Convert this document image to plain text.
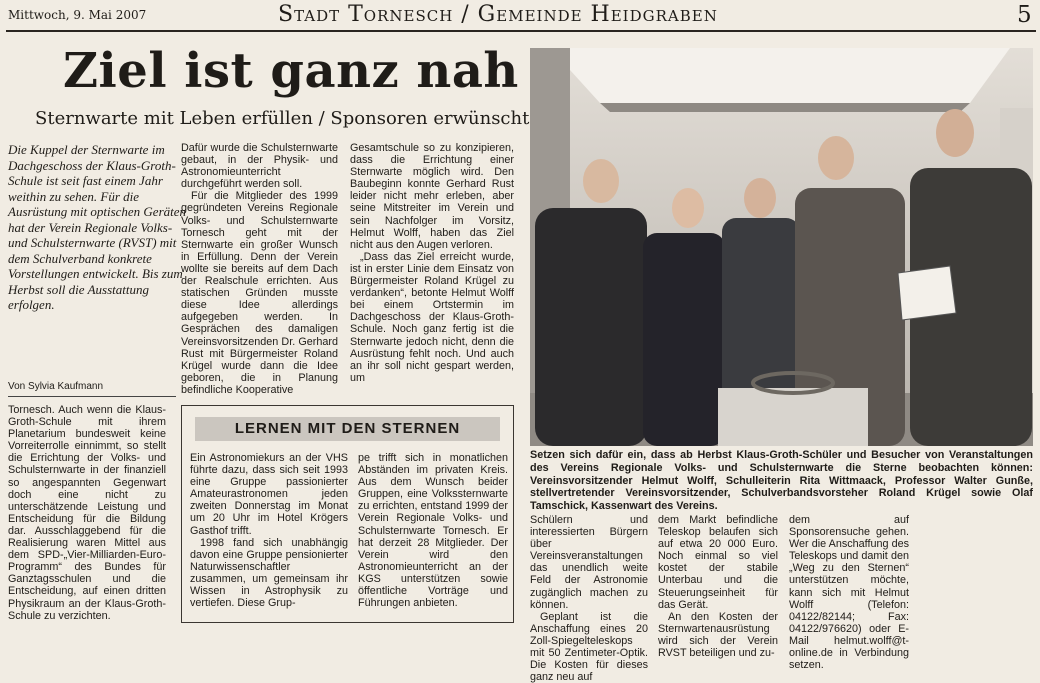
Mittwoch, 9. Mai 2007	Stadt Tornesch / Gemeinde Heidgraben	5
Ziel ist ganz nah
Sternwarte mit Leben erfüllen / Sponsoren erwünscht
Die Kuppel der Sternwarte im Dachgeschoss der Klaus-Groth-Schule ist seit fast einem Jahr weithin zu sehen. Für die Ausrüstung mit optischen Geräten hat der Verein Regionale Volks- und Schulsternwarte (RVST) mit dem Schulverband konkrete Vorstellungen entwickelt. Bis zum Herbst soll die Ausstattung erfolgen.
Von Sylvia Kaufmann

Tornesch. Auch wenn die Klaus-Groth-Schule mit ihrem Planetarium bundesweit keine Vorreiterrolle einnimmt, so stellt die Errichtung der Volks- und Schulsternwarte in der finanziell so angespannten Gegenwart doch eine nicht zu unterschätzende Leistung und Entscheidung für die Bildung dar. Ausschlaggebend für die Realisierung waren Mittel aus dem SPD-„Vier-Milliarden-Euro-Programm“ des Bundes für Ganztagsschulen und die Entscheidung, auf einen dritten Physikraum an der Klaus-Groth-Schule zu verzichten.

Dafür wurde die Schulsternwarte gebaut, in der Physik- und Astronomieunterricht durchgeführt werden soll.

Für die Mitglieder des 1999 gegründeten Vereins Regionale Volks- und Schulsternwarte Tornesch geht mit der Sternwarte ein großer Wunsch in Erfüllung. Denn der Verein wollte sie bereits auf dem Dach der Realschule errichten. Aus statischen Gründen musste diese Idee allerdings aufgegeben werden. In Gesprächen des damaligen Vereinsvorsitzenden Dr. Gerhard Rust mit Bürgermeister Roland Krügel wurde dann die Idee geboren, die in Planung befindliche Kooperative

Gesamtschule so zu konzipieren, dass die Errichtung einer Sternwarte möglich wird. Den Baubeginn konnte Gerhard Rust leider nicht mehr erleben, aber seine Mitstreiter im Verein und sein Nachfolger im Vorsitz, Helmut Wolff, haben das Ziel nicht aus den Augen verloren.

„Dass das Ziel erreicht wurde, ist in erster Linie dem Einsatz von Bürgermeister Roland Krügel zu verdanken“, betonte Helmut Wolff bei einem Ortstermin im Dachgeschoss der Klaus-Groth-Schule. Noch ganz fertig ist die Sternwarte jedoch nicht, denn die Ausrüstung fehlt noch. Und auch an ihr soll nicht gespart werden, um

LERNEN MIT DEN STERNEN

Ein Astronomiekurs an der VHS führte dazu, dass sich seit 1993 eine Gruppe passionierter Amateurastronomen jeden zweiten Donnerstag im Monat um 20 Uhr im Hotel Krögers Gasthof trifft.

1998 fand sich unabhängig davon eine Gruppe pensionierter Naturwissenschaftler zusammen, um gemeinsam ihr Wissen in Astrophysik zu vertiefen. Diese Grup-

pe trifft sich in monatlichen Abständen im privaten Kreis. Aus dem Wunsch beider Gruppen, eine Volkssternwarte zu errichten, entstand 1999 der Verein Regionale Volks- und Schulsternwarte Tornesch. Er hat derzeit 28 Mitglieder. Der Verein wird den Astronomieunterricht an der KGS unterstützen sowie öffentliche Vorträge und Führungen anbieten.

Setzen sich dafür ein, dass ab Herbst Klaus-Groth-Schüler und Besucher von Veranstaltungen des Vereins Regionale Volks- und Schulsternwarte die Sterne beobachten können: Vereinsvorsitzender Helmut Wolff, Schulleiterin Rita Wittmaack, Professor Walter Gunße, stellvertretender Vereinsvorsitzender, Schulverbandsvorsteher Roland Krügel sowie Olaf Tamschick, Kassenwart des Vereins.

Schülern und interessierten Bürgern über Vereinsveranstaltungen das unendlich weite Feld der Astronomie zugänglich machen zu können.

Geplant ist die Anschaffung eines 20 Zoll-Spiegelteleskops mit 50 Zentimeter-Optik. Die Kosten für dieses ganz neu auf

dem Markt befindliche Teleskop belaufen sich auf etwa 20 000 Euro. Noch einmal so viel kostet der stabile Unterbau und die Steuerungseinheit für das Gerät.

An den Kosten der Sternwartenausrüstung wird sich der Verein RVST beteiligen und zu-

dem auf Sponsorensuche gehen. Wer die Anschaffung des Teleskops und damit den „Weg zu den Sternen“ unterstützen möchte, kann sich mit Helmut Wolff (Telefon: 04122/82144; Fax: 04122/976620) oder E-Mail helmut.wolff@t-online.de in Verbindung setzen.
